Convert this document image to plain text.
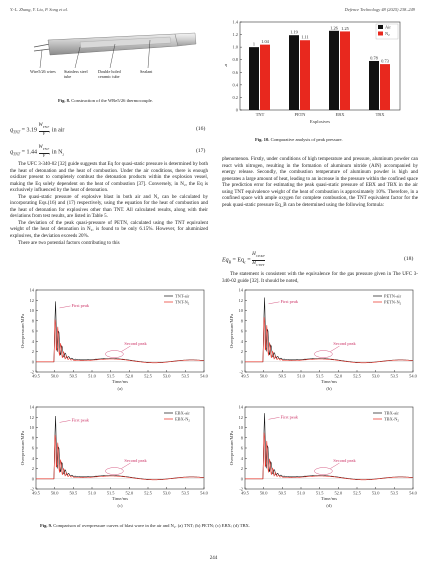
Y.-L. Zhang, Y. Liu, P. Song et al.	Defence Technology 48 (2025) 238–249
Wire5/26 wires Stainless steel tube
Double holed ceramic tube
Sealant
Fig. 8. Construction of the WRe5/26 thermocouple.
0
0.2
0.4
0.6
0.8
1.0
1.2
1.4
η
1
1.04
TNT
1.19
1.11
PETN
1.26 1.25
EBX
0.78
0.73
TBX
Explosives
Air
$N_2$
Fig. 10. Comparative analysis of peak pressure.
$q_{TNT} = 3.19$
$W_{TNT}$
V
, in air	(16)
$q_{TNT} = 1.44$
$W_{TNT}$
V
, in $N_2$
(17)

The UFC 3-340-02 [32] guide suggests that Eq for quasi-static pressure is determined by both the heat of detonation and the heat of combustion. Under the air conditions, there is enough oxidizer present to completely combust the detonation products within the explosion vessel, making the Eq solely dependent on the heat of combustion [37]. Conversely, in N₂, the Eq is exclusively influenced by the heat of detonation.

The quasi-static pressure of explosive blast in both air and N₂ can be calculated by incorporating Eqs.(16) and (17) respectively, using the equation for the heat of combustion and the heat of detonation for explosives other than TNT. All calculated results, along with their deviations from test results, are listed in Table 5.

The deviation of the peak quasi-pressure of PETN, calculated using the TNT equivalent weight of the heat of detonation in N₂, is found to be only 6.15%. However, for aluminized explosives, the deviation exceeds 20%.

There are two potential factors contributing to this

phenomenon. Firstly, under conditions of high temperature and pressure, aluminum powder can react with nitrogen, resulting in the formation of aluminum nitride (AlN) accompanied by energy release. Secondly, the combustion temperature of aluminum powder is high and generates a large amount of heat, leading to an increase in the pressure within the confined space The prediction error for estimating the peak quasi-static pressure of EBX and TBX in the air using TNT equivalence weight of the heat of combustion is approximately 10%. Therefore, in a confined space with ample oxygen for complete combustion, the TNT equivalent factor for the peak quasi-static pressure Eq_B can be determined using the following formula:

$Eq_B = Eq_c$ =
$H_{CEXP}$
$H_{CTNT}$
(18)

The statement is consistent with the equivalence for the gas pressure given in The UFC 3-340-02 guide [32]. It should be noted,

-2
0
2
4
6
8
10
12
14
49.5 50.0 50.5 51.0 51.5 52.0 52.5 53.0 53.5 54.0
Time/ms
(a)
Overpressure/MPa
First peak
Second peak
TNT-air
TNT-$N_2$
-2
0
2
4
6
8
10
12
14
49.5 50.0 50.5 51.0 51.5 52.0 52.5 53.0 53.5 54.0
Time/ms
(b)
Overpressure/MPa
First peak
Second peak
PETN-air
PETN-$N_2$
-2
0
2
4
6
8
10
12
14
49.5 50.0 50.5 51.0 51.5 52.0 52.5 53.0 53.5 54.0
Time/ms
(c)
Overpressure/MPa
First peak
Second peak
EBX-air
EBX-$N_2$
-2
0
2
4
6
8
10
12
14
49.5 50.0 50.5 51.0 51.5 52.0 52.5 53.0 53.5 54.0
Time/ms
(d)
Overpressure/MPa
First peak
Second peak
TBX-air
TBX-$N_2$
Fig. 9. Comparison of overpressure curves of blast wave in the air and N₂. (a) TNT; (b) PETN; (c) EBX; (d) TBX.
244
